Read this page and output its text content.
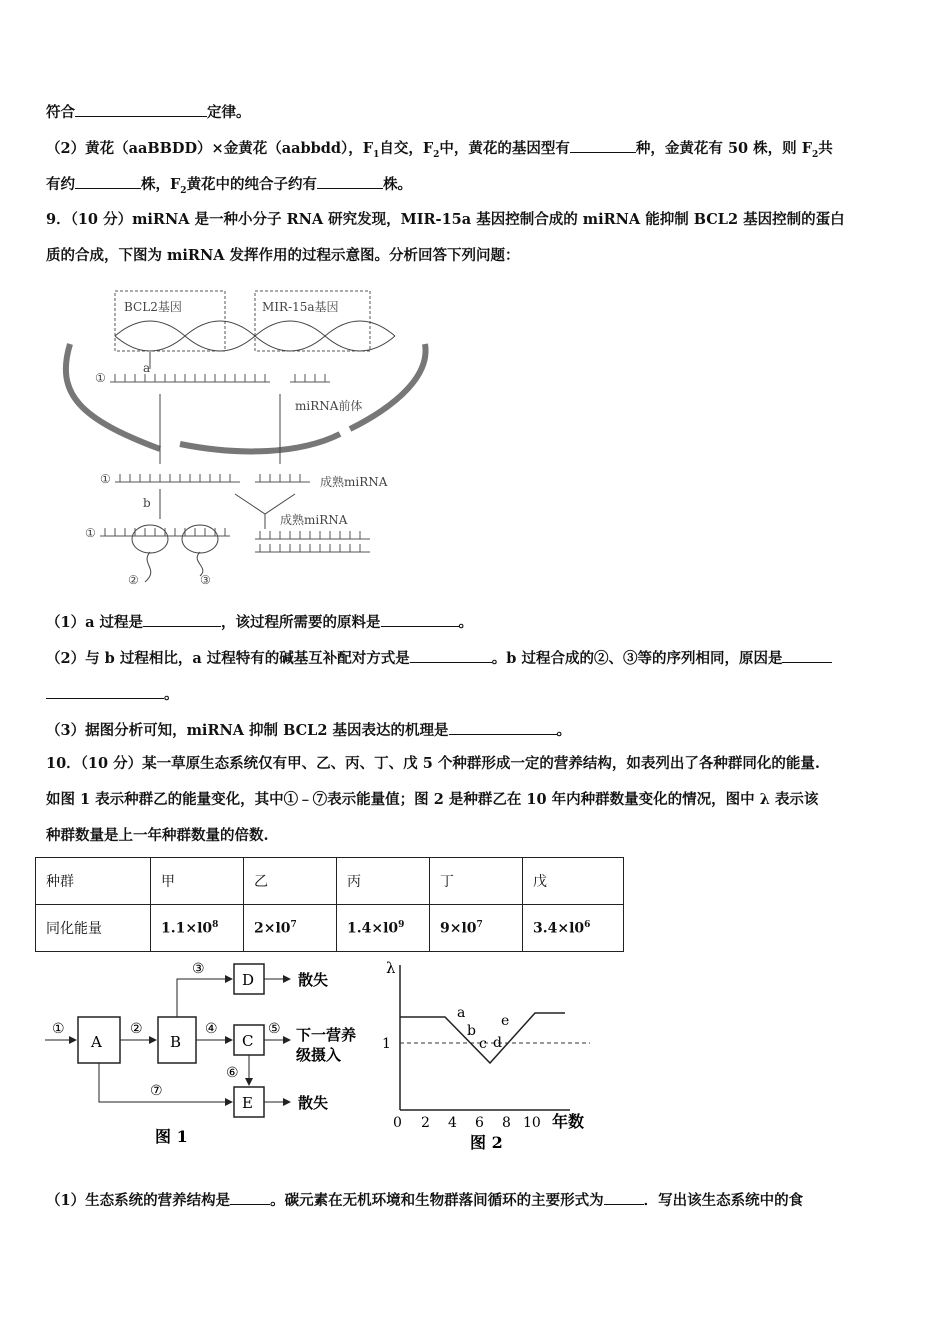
符合	定律。
（2）黄花（aaBBDD）×金黄花（aabbdd），$F_1$自交，$F_2$中，黄花的基因型有	种，金黄花有 50 株，则 $F_2$共
有约	株，$F_2$黄花中的纯合子约有	株。
9．（10 分）miRNA 是一种小分子 RNA 研究发现，MIR-15a 基因控制合成的 miRNA 能抑制 BCL2 基因控制的蛋白
质的合成，下图为 miRNA 发挥作用的过程示意图。分析回答下列问题：
BCL2基因	MIR-15a基因
a
①
miRNA前体
①	成熟miRNA
b
成熟miRNA
①
②	③
（1）a 过程是	，该过程所需要的原料是	。
（2）与 b 过程相比，a 过程特有的碱基互补配对方式是	。b 过程合成的②、③等的序列相同，原因是
。
（3）据图分析可知，miRNA 抑制 BCL2 基因表达的机理是	。
10．（10 分）某一草原生态系统仅有甲、乙、丙、丁、戊 5 个种群形成一定的营养结构，如表列出了各种群同化的能量.
如图 1 表示种群乙的能量变化，其中①﹣⑦表示能量值；图 2 是种群乙在 10 年内种群数量变化的情况，图中 λ 表示该
种群数量是上一年种群数量的倍数.
种群	甲	乙	丙	丁	戊
同化能量	$1.1\times l0^8$	$2\times l0^7$	$1.4\times l0^9$	$9\times l0^7$	$3.4\times l0^6$
A	B	C
D
E
①	②
③
④	⑤
⑥
⑦
散失
散失
下一营养
级摄入
图 1
λ
1
0 2 4 6 8 10 年数
a
b
c d
e
图 2
（1）生态系统的营养结构是	。碳元素在无机环境和生物群落间循环的主要形式为	．写出该生态系统中的食
